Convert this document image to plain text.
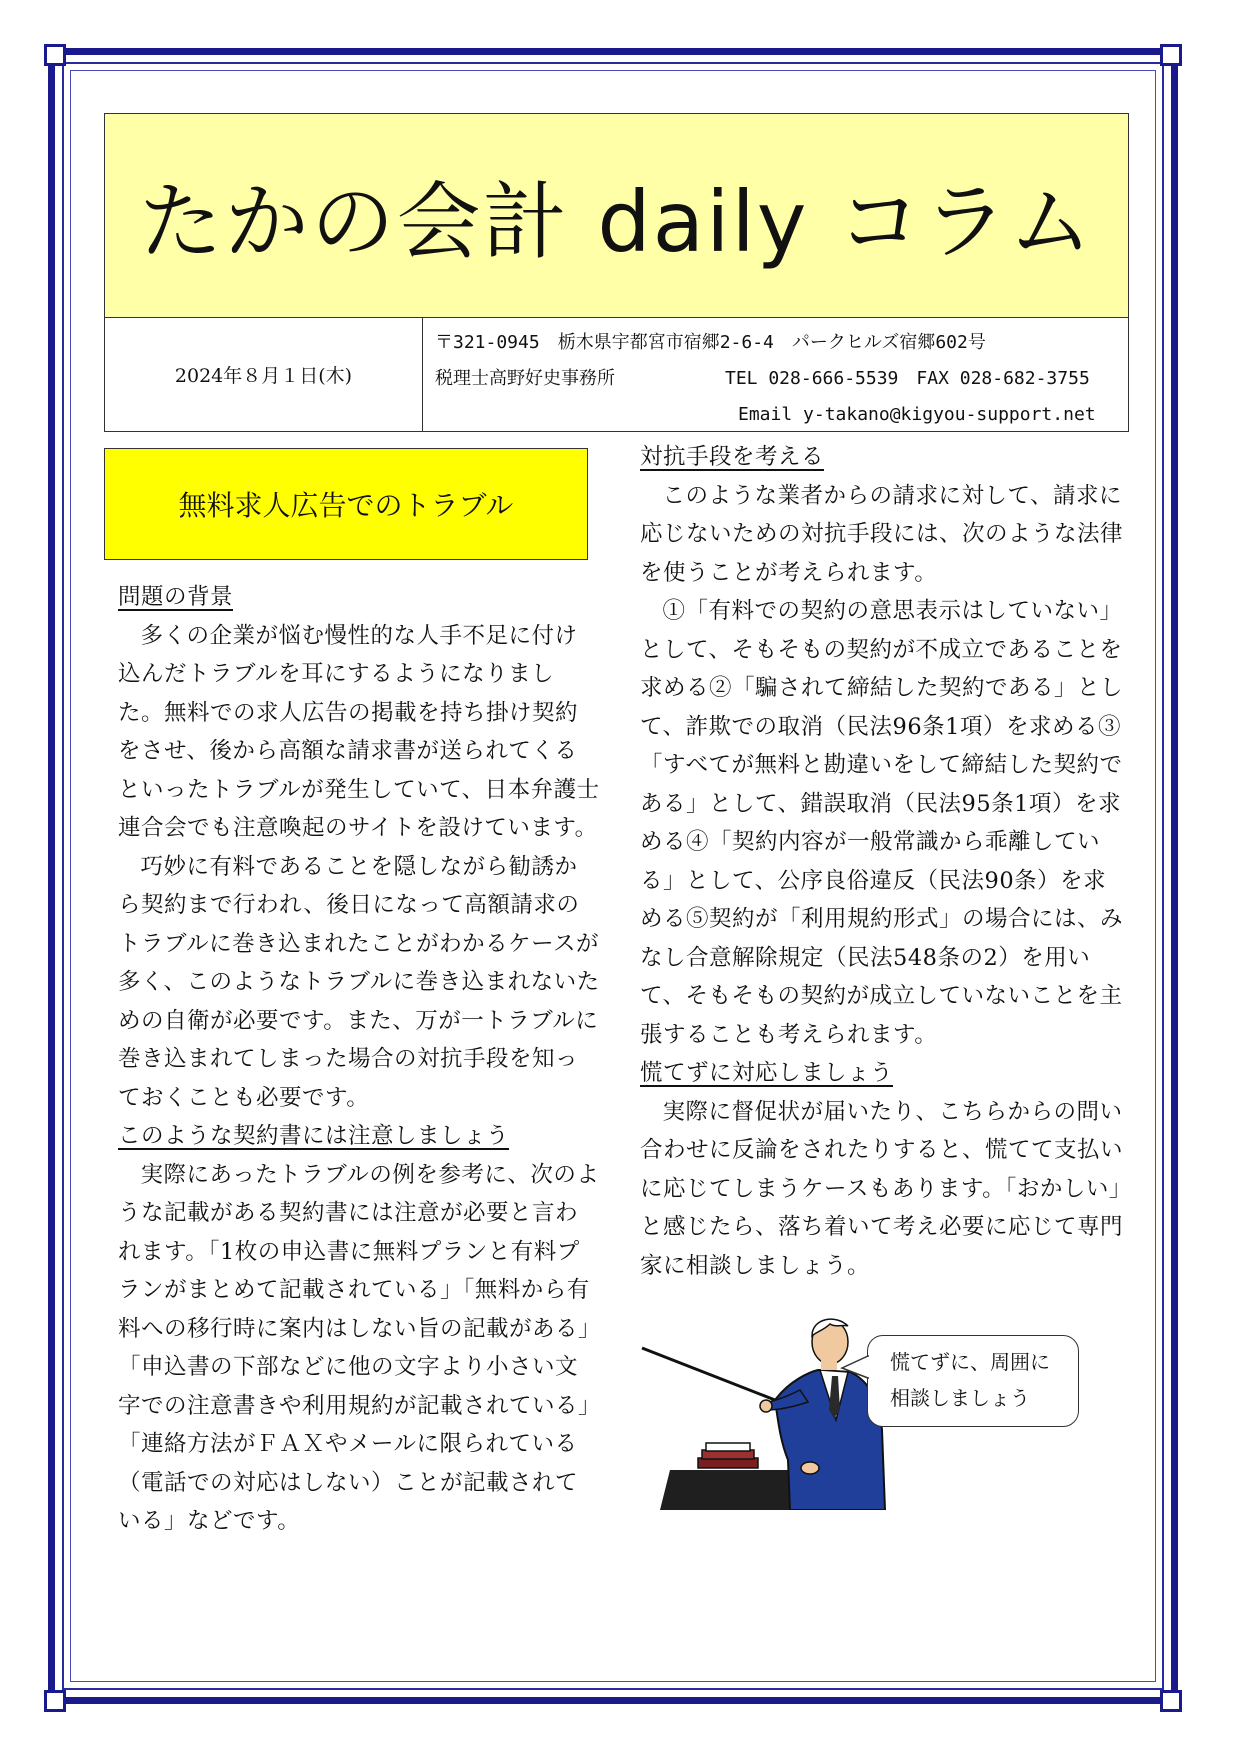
たかの会計 daily コラム
2024年８月１日(木)
〒321-0945　栃木県宇都宮市宿郷2-6-4　パークヒルズ宿郷602号
税理士高野好史事務所	TEL 028-666-5539　FAX 028-682-3755
Email y-takano@kigyou-support.net
無料求人広告でのトラブル
問題の背景

多くの企業が悩む慢性的な人手不足に付け込んだトラブルを耳にするようになりました。無料での求人広告の掲載を持ち掛け契約をさせ、後から高額な請求書が送られてくるといったトラブルが発生していて、日本弁護士連合会でも注意喚起のサイトを設けています。

巧妙に有料であることを隠しながら勧誘から契約まで行われ、後日になって高額請求のトラブルに巻き込まれたことがわかるケースが多く、このようなトラブルに巻き込まれないための自衛が必要です。また、万が一トラブルに巻き込まれてしまった場合の対抗手段を知っておくことも必要です。

このような契約書には注意しましょう

実際にあったトラブルの例を参考に、次のような記載がある契約書には注意が必要と言われます。「1枚の申込書に無料プランと有料プランがまとめて記載されている」「無料から有料への移行時に案内はしない旨の記載がある」「申込書の下部などに他の文字より小さい文字での注意書きや利用規約が記載されている」「連絡方法がＦＡＸやメールに限られている（電話での対応はしない）ことが記載されている」などです。

対抗手段を考える

このような業者からの請求に対して、請求に応じないための対抗手段には、次のような法律を使うことが考えられます。

①「有料での契約の意思表示はしていない」として、そもそもの契約が不成立であることを求める②「騙されて締結した契約である」として、詐欺での取消（民法96条1項）を求める③「すべてが無料と勘違いをして締結した契約である」として、錯誤取消（民法95条1項）を求める④「契約内容が一般常識から乖離している」として、公序良俗違反（民法90条）を求める⑤契約が「利用規約形式」の場合には、みなし合意解除規定（民法548条の2）を用いて、そもそもの契約が成立していないことを主張することも考えられます。

慌てずに対応しましょう

実際に督促状が届いたり、こちらからの問い合わせに反論をされたりすると、慌てて支払いに応じてしまうケースもあります。「おかしい」と感じたら、落ち着いて考え必要に応じて専門家に相談しましょう。

慌てずに、周囲に
相談しましょう
